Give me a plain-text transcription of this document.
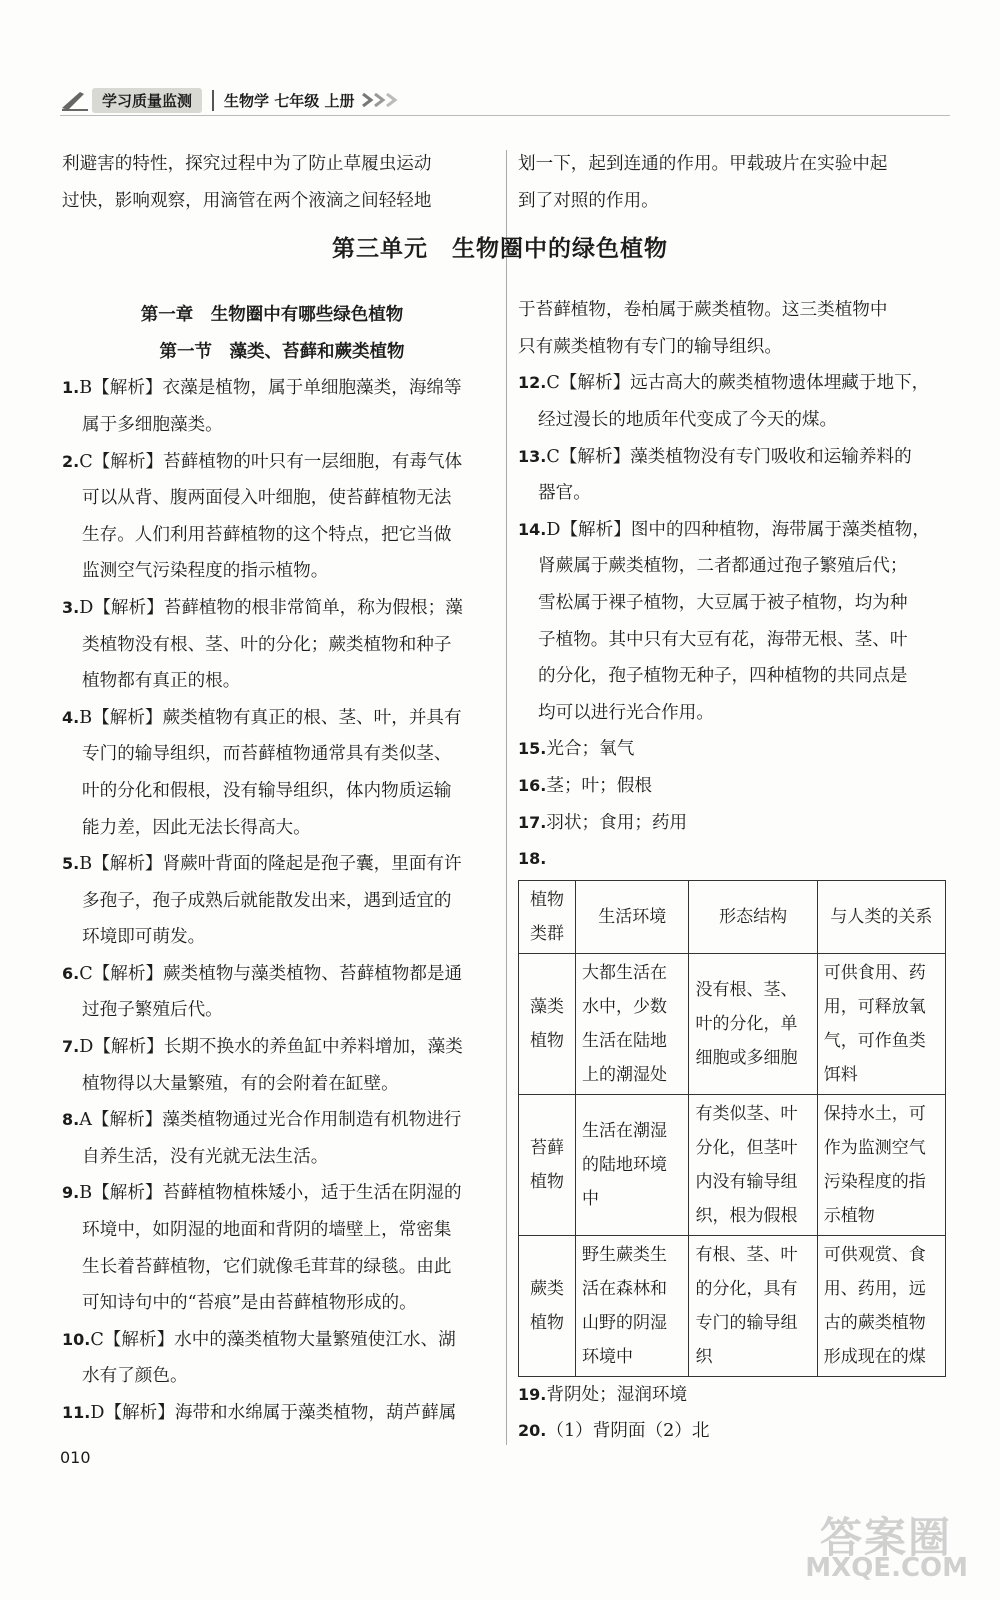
学习质量监测	生物学 七年级 上册
第三单元　生物圈中的绿色植物
利避害的特性，探究过程中为了防止草履虫运动
过快，影响观察，用滴管在两个液滴之间轻轻地
第一章　生物圈中有哪些绿色植物
第一节　藻类、苔藓和蕨类植物
1.B【解析】衣藻是植物，属于单细胞藻类，海绵等
属于多细胞藻类。
2.C【解析】苔藓植物的叶只有一层细胞，有毒气体
可以从背、腹两面侵入叶细胞，使苔藓植物无法
生存。人们利用苔藓植物的这个特点，把它当做
监测空气污染程度的指示植物。
3.D【解析】苔藓植物的根非常简单，称为假根；藻
类植物没有根、茎、叶的分化；蕨类植物和种子
植物都有真正的根。
4.B【解析】蕨类植物有真正的根、茎、叶，并具有
专门的输导组织，而苔藓植物通常具有类似茎、
叶的分化和假根，没有输导组织，体内物质运输
能力差，因此无法长得高大。
5.B【解析】肾蕨叶背面的隆起是孢子囊，里面有许
多孢子，孢子成熟后就能散发出来，遇到适宜的
环境即可萌发。
6.C【解析】蕨类植物与藻类植物、苔藓植物都是通
过孢子繁殖后代。
7.D【解析】长期不换水的养鱼缸中养料增加，藻类
植物得以大量繁殖，有的会附着在缸壁。
8.A【解析】藻类植物通过光合作用制造有机物进行
自养生活，没有光就无法生活。
9.B【解析】苔藓植物植株矮小，适于生活在阴湿的
环境中，如阴湿的地面和背阴的墙壁上，常密集
生长着苔藓植物，它们就像毛茸茸的绿毯。由此
可知诗句中的“苔痕”是由苔藓植物形成的。
10.C【解析】水中的藻类植物大量繁殖使江水、湖
水有了颜色。
11.D【解析】海带和水绵属于藻类植物，葫芦藓属
划一下，起到连通的作用。甲载玻片在实验中起
到了对照的作用。
于苔藓植物，卷柏属于蕨类植物。这三类植物中
只有蕨类植物有专门的输导组织。
12.C【解析】远古高大的蕨类植物遗体埋藏于地下，
经过漫长的地质年代变成了今天的煤。
13.C【解析】藻类植物没有专门吸收和运输养料的
器官。
14.D【解析】图中的四种植物，海带属于藻类植物，
肾蕨属于蕨类植物，二者都通过孢子繁殖后代；
雪松属于裸子植物，大豆属于被子植物，均为种
子植物。其中只有大豆有花，海带无根、茎、叶
的分化，孢子植物无种子，四种植物的共同点是
均可以进行光合作用。
15.光合；氧气
16.茎；叶；假根
17.羽状；食用；药用
18.
植物类群	生活环境	形态结构	与人类的关系
藻类植物	大都生活在水中，少数生活在陆地上的潮湿处	没有根、茎、叶的分化，单细胞或多细胞	可供食用、药用，可释放氧气，可作鱼类饵料
苔藓植物	生活在潮湿的陆地环境中	有类似茎、叶分化，但茎叶内没有输导组织，根为假根	保持水土，可作为监测空气污染程度的指示植物
蕨类植物	野生蕨类生活在森林和山野的阴湿环境中	有根、茎、叶的分化，具有专门的输导组织	可供观赏、食用、药用，远古的蕨类植物形成现在的煤
19.背阴处；湿润环境
20.（1）背阴面（2）北
010
答案圈
MXQE.COM
